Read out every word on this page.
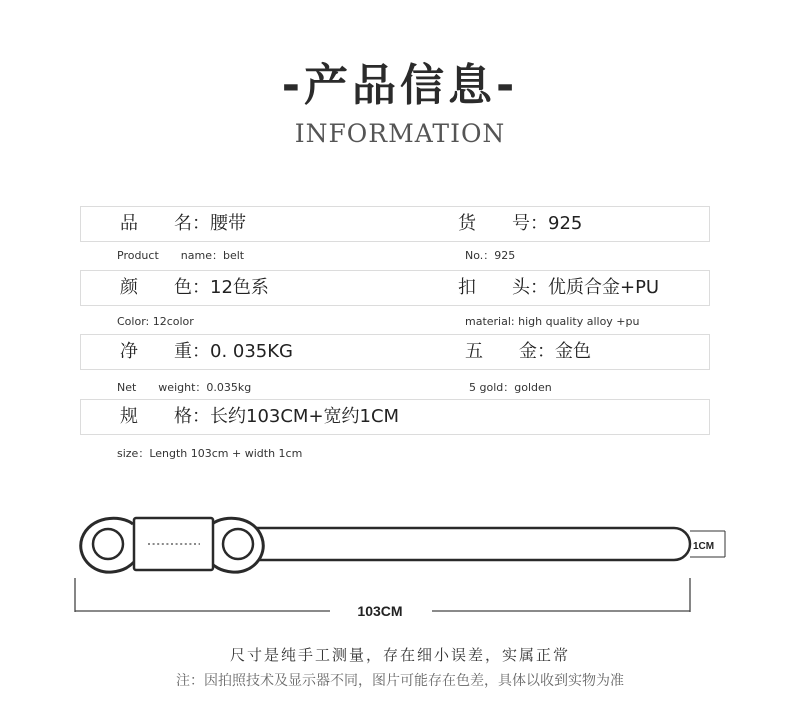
-产品信息-
INFORMATION
品　　名：腰带	货　　号：925
Product　　name：belt	No.：925
颜　　色：12色系	扣　　头：优质合金+PU
Color: 12color	material: high quality alloy +pu
净　　重：0. 035KG	五　　金：金色
Net　　weight：0.035kg	5 gold：golden
规　　格：长约103CM+宽约1CM
size：Length 103cm + width 1cm
1CM
103CM
尺寸是纯手工测量，存在细小误差，实属正常
注：因拍照技术及显示器不同，图片可能存在色差，具体以收到实物为准
